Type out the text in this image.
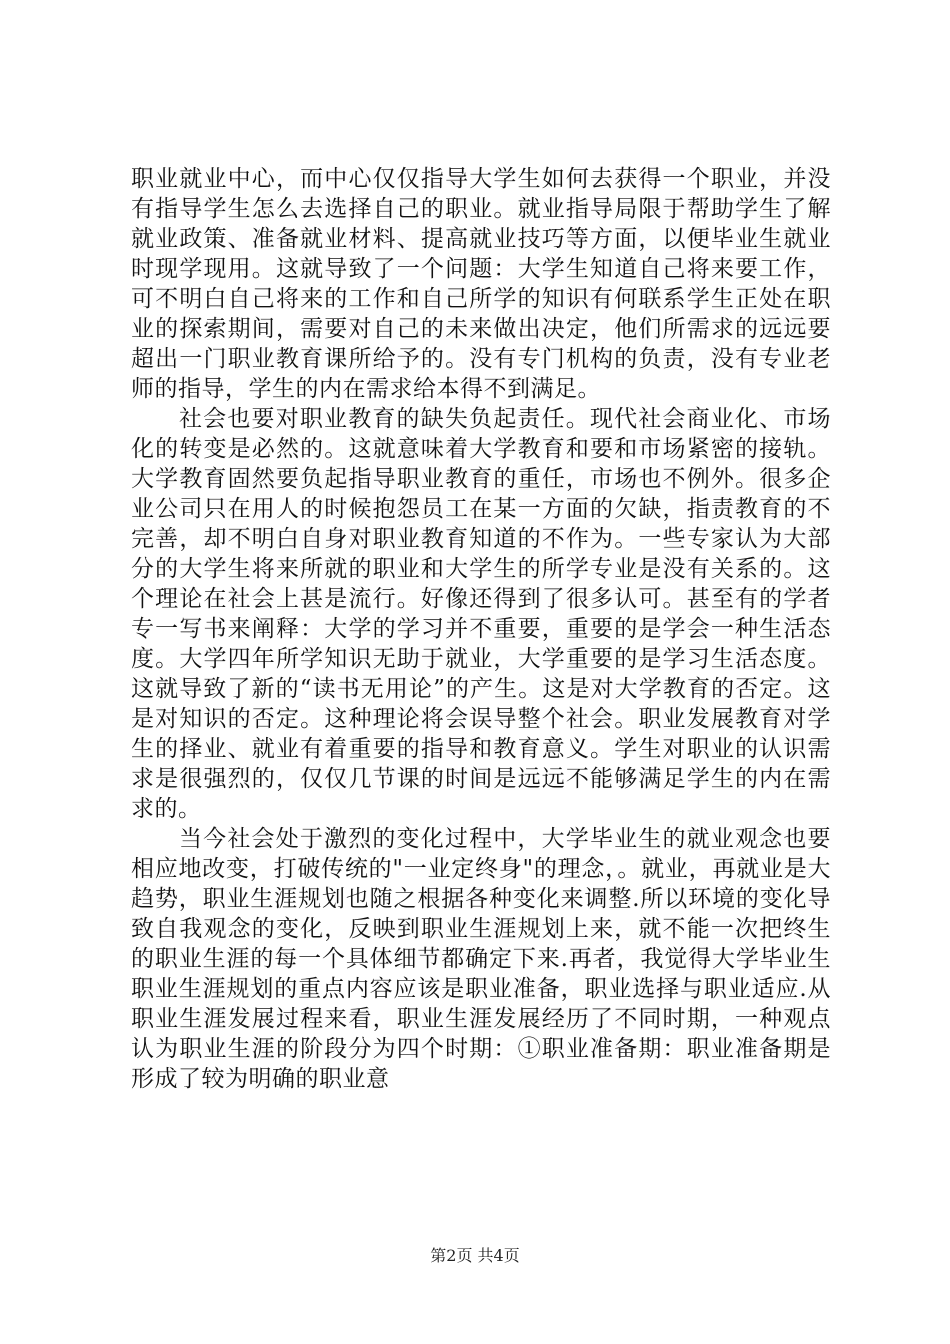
职业就业中心，而中心仅仅指导大学生如何去获得一个职业，并没有指导学生怎么去选择自己的职业。就业指导局限于帮助学生了解就业政策、准备就业材料、提高就业技巧等方面，以便毕业生就业时现学现用。这就导致了一个问题：大学生知道自己将来要工作，可不明白自己将来的工作和自己所学的知识有何联系学生正处在职业的探索期间，需要对自己的未来做出决定，他们所需求的远远要超出一门职业教育课所给予的。没有专门机构的负责，没有专业老师的指导，学生的内在需求给本得不到满足。

社会也要对职业教育的缺失负起责任。现代社会商业化、市场化的转变是必然的。这就意味着大学教育和要和市场紧密的接轨。大学教育固然要负起指导职业教育的重任，市场也不例外。很多企业公司只在用人的时候抱怨员工在某一方面的欠缺，指责教育的不完善，却不明白自身对职业教育知道的不作为。一些专家认为大部分的大学生将来所就的职业和大学生的所学专业是没有关系的。这个理论在社会上甚是流行。好像还得到了很多认可。甚至有的学者专一写书来阐释：大学的学习并不重要，重要的是学会一种生活态度。大学四年所学知识无助于就业，大学重要的是学习生活态度。这就导致了新的“读书无用论”的产生。这是对大学教育的否定。这是对知识的否定。这种理论将会误导整个社会。职业发展教育对学生的择业、就业有着重要的指导和教育意义。学生对职业的认识需求是很强烈的，仅仅几节课的时间是远远不能够满足学生的内在需求的。

当今社会处于激烈的变化过程中，大学毕业生的就业观念也要相应地改变，打破传统的"一业定终身"的理念，。就业，再就业是大趋势，职业生涯规划也随之根据各种变化来调整.所以环境的变化导致自我观念的变化，反映到职业生涯规划上来，就不能一次把终生的职业生涯的每一个具体细节都确定下来.再者，我觉得大学毕业生职业生涯规划的重点内容应该是职业准备，职业选择与职业适应.从职业生涯发展过程来看，职业生涯发展经历了不同时期，一种观点认为职业生涯的阶段分为四个时期：①职业准备期：职业准备期是形成了较为明确的职业意

第2页 共4页
